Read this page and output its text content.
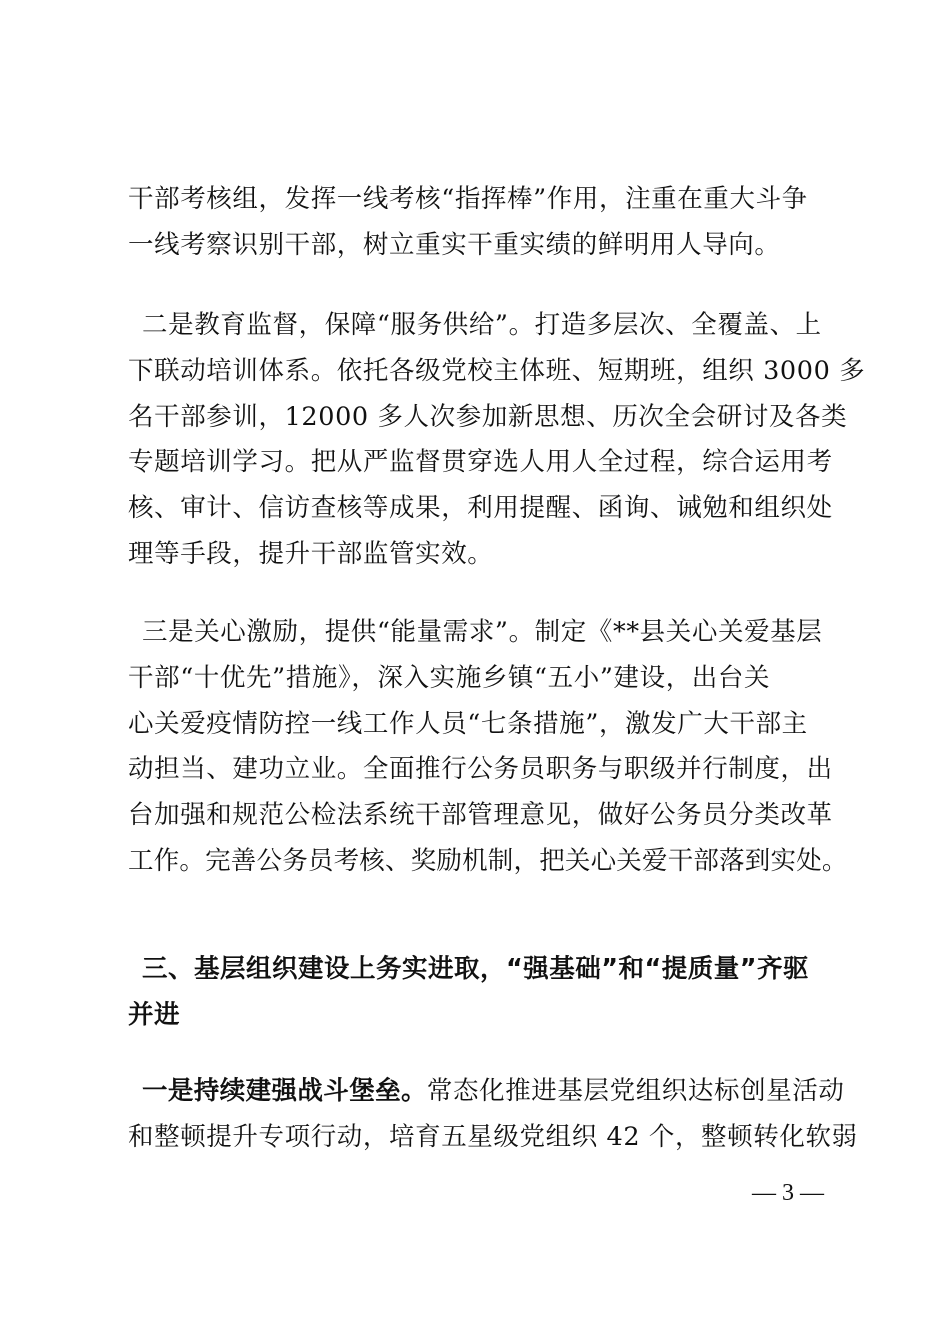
干部考核组，发挥一线考核“指挥棒”作用，注重在重大斗争
一线考察识别干部，树立重实干重实绩的鲜明用人导向。
二是教育监督，保障“服务供给”。打造多层次、全覆盖、上
下联动培训体系。依托各级党校主体班、短期班，组织 3000 多
名干部参训，12000 多人次参加新思想、历次全会研讨及各类
专题培训学习。把从严监督贯穿选人用人全过程，综合运用考
核、审计、信访查核等成果，利用提醒、函询、诫勉和组织处
理等手段，提升干部监管实效。
三是关心激励，提供“能量需求”。制定《**县关心关爱基层
干部“十优先”措施》，深入实施乡镇“五小”建设，出台关
心关爱疫情防控一线工作人员“七条措施”，激发广大干部主
动担当、建功立业。全面推行公务员职务与职级并行制度，出
台加强和规范公检法系统干部管理意见，做好公务员分类改革
工作。完善公务员考核、奖励机制，把关心关爱干部落到实处。
三、基层组织建设上务实进取，“强基础”和“提质量”齐驱
并进
一是持续建强战斗堡垒。常态化推进基层党组织达标创星活动
和整顿提升专项行动，培育五星级党组织 42 个，整顿转化软弱
— 3 —
